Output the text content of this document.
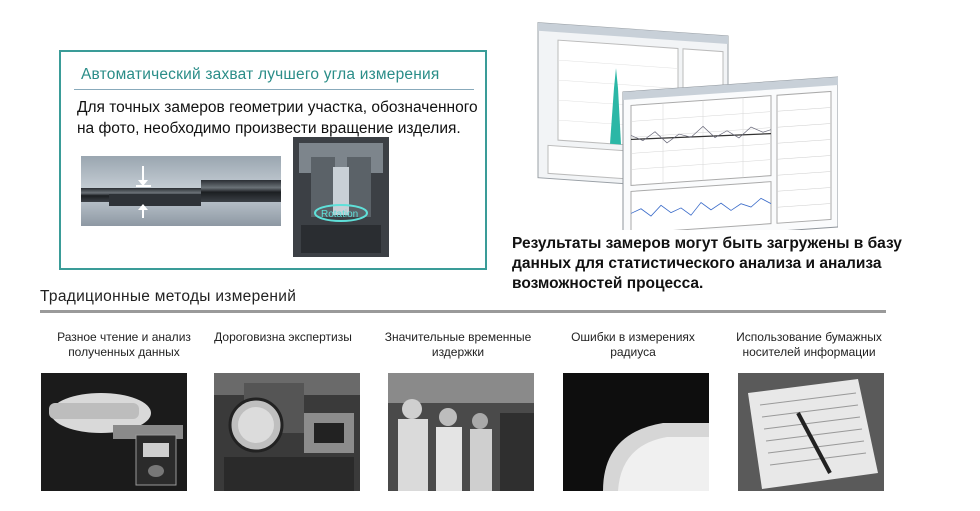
Автоматический захват лучшего угла измерения
Для точных замеров геометрии участка, обозначенного на фото, необходимо произвести вращение изделия.
Rotation
Результаты замеров могут быть загружены в базу данных для статистического анализа и анализа возможностей процесса.
Традиционные методы измерений
Разное чтение и анализ полученных данных
Дороговизна экспертизы	Значительные временные издержки
Ошибки в измерениях радиуса
Использование бумажных носителей информации
